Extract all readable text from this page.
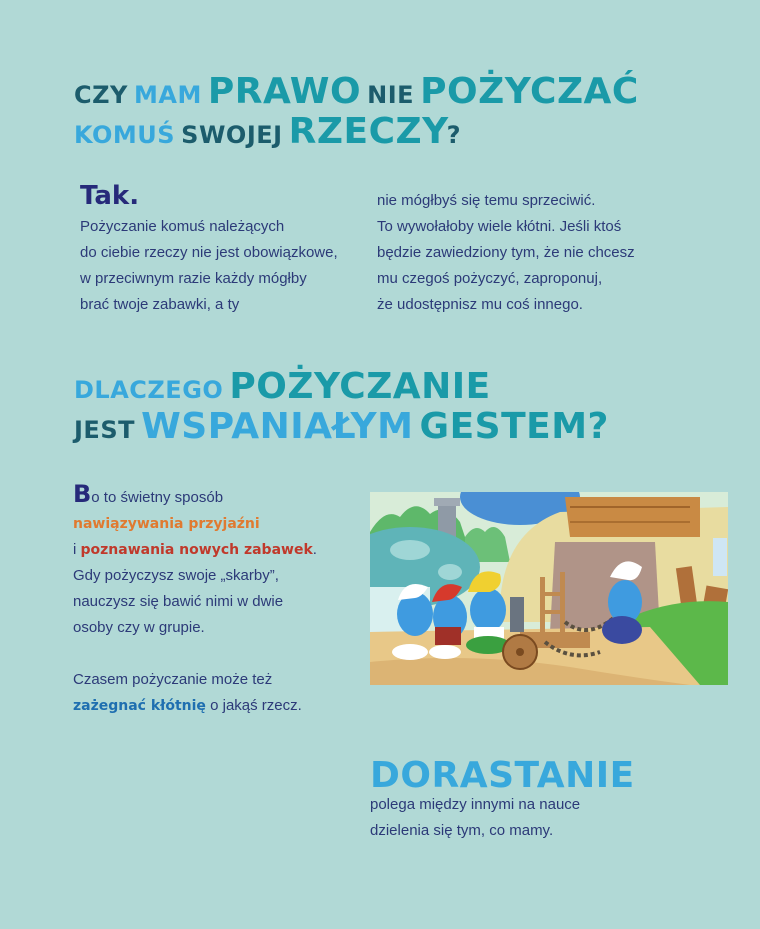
CZY MAM PRAWO NIE POŻYCZAĆ
KOMUŚ SWOJEJ RZECZY?
Tak.
Pożyczanie komuś należących
do ciebie rzeczy nie jest obowiązkowe,
w przeciwnym razie każdy mógłby
brać twoje zabawki, a ty
nie mógłbyś się temu sprzeciwić.
To wywołałoby wiele kłótni. Jeśli ktoś
będzie zawiedziony tym, że nie chcesz
mu czegoś pożyczyć, zaproponuj,
że udostępnisz mu coś innego.
DLACZEGO POŻYCZANIE
JEST WSPANIAŁYM GESTEM?
Bo to świetny sposób
nawiązywania przyjaźni
i poznawania nowych zabawek.
Gdy pożyczysz swoje „skarby”,
nauczysz się bawić nimi w dwie
osoby czy w grupie.
Czasem pożyczanie może też
zażegnać kłótnię o jakąś rzecz.
DORASTANIE
polega między innymi na nauce
dzielenia się tym, co mamy.
